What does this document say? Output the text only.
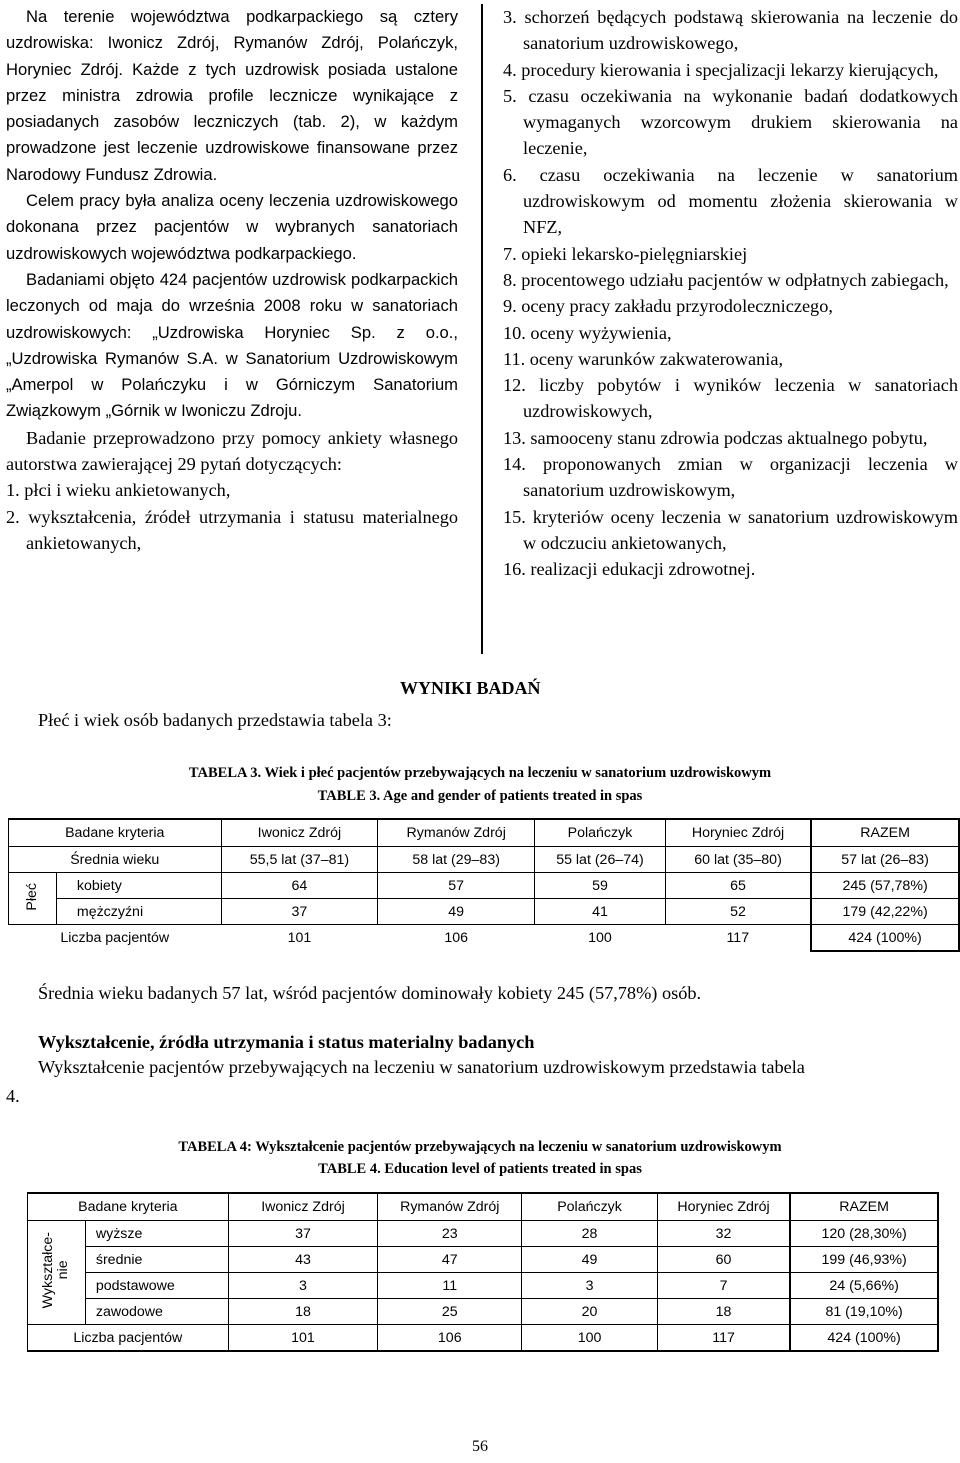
Na terenie województwa podkarpackiego są cztery uzdrowiska: Iwonicz Zdrój, Rymanów Zdrój, Polańczyk, Horyniec Zdrój. Każde z tych uzdrowisk posiada ustalone przez ministra zdrowia profile lecznicze wynikające z posiadanych zasobów leczniczych (tab. 2), w każdym prowadzone jest leczenie uzdrowiskowe finansowane przez Narodowy Fundusz Zdrowia.

Celem pracy była analiza oceny leczenia uzdrowiskowego dokonana przez pacjentów w wybranych sanatoriach uzdrowiskowych województwa podkarpackiego.

Badaniami objęto 424 pacjentów uzdrowisk podkarpackich leczonych od maja do września 2008 roku w sanatoriach uzdrowiskowych: „Uzdrowiska Horyniec Sp. z o.o., „Uzdrowiska Rymanów S.A. w Sanatorium Uzdrowiskowym „Amerpol w Polańczyku i w Górniczym Sanatorium Związkowym „Górnik w Iwoniczu Zdroju.

Badanie przeprowadzono przy pomocy ankiety własnego autorstwa zawierającej 29 pytań dotyczących:

1. płci i wieku ankietowanych,

2. wykształcenia, źródeł utrzymania i statusu materialnego ankietowanych,

3. schorzeń będących podstawą skierowania na leczenie do sanatorium uzdrowiskowego,

4. procedury kierowania i specjalizacji lekarzy kierujących,

5. czasu oczekiwania na wykonanie badań dodatkowych wymaganych wzorcowym drukiem skierowania na leczenie,

6. czasu oczekiwania na leczenie w sanatorium uzdrowiskowym od momentu złożenia skierowania w NFZ,

7. opieki lekarsko-pielęgniarskiej

8. procentowego udziału pacjentów w odpłatnych zabiegach,

9. oceny pracy zakładu przyrodoleczniczego,

10. oceny wyżywienia,

11. oceny warunków zakwaterowania,

12. liczby pobytów i wyników leczenia w sanatoriach uzdrowiskowych,

13. samooceny stanu zdrowia podczas aktualnego pobytu,

14. proponowanych zmian w organizacji leczenia w sanatorium uzdrowiskowym,

15. kryteriów oceny leczenia w sanatorium uzdrowiskowym w odczuciu ankietowanych,

16. realizacji edukacji zdrowotnej.

WYNIKI BADAŃ
Płeć i wiek osób badanych przedstawia tabela 3:
TABELA 3. Wiek i płeć pacjentów przebywających na leczeniu w sanatorium uzdrowiskowym
TABLE 3. Age and gender of patients treated in spas
Badane kryteria		Iwonicz Zdrój	Rymanów Zdrój	Polańczyk	Horyniec Zdrój	RAZEM
Średnia wieku		55,5 lat (37–81)	58 lat (29–83)	55 lat (26–74)	60 lat (35–80)	57 lat (26–83)
Płeć	kobiety	64	57	59	65	245 (57,78%)
	mężczyźni	37	49	41	52	179 (42,22%)
Liczba pacjentów		101	106	100	117	424 (100%)
Średnia wieku badanych 57 lat, wśród pacjentów dominowały kobiety 245 (57,78%) osób.
Wykształcenie, źródła utrzymania i status materialny badanych
Wykształcenie pacjentów przebywających na leczeniu w sanatorium uzdrowiskowym przedstawia tabela
4.
TABELA 4: Wykształcenie pacjentów przebywających na leczeniu w sanatorium uzdrowiskowym
TABLE 4. Education level of patients treated in spas
Badane kryteria		Iwonicz Zdrój	Rymanów Zdrój	Polańczyk	Horyniec Zdrój	RAZEM
Wykształce-
nie	wyższe	37	23	28	32	120 (28,30%)
	średnie	43	47	49	60	199 (46,93%)
	podstawowe	3	11	3	7	24 (5,66%)
	zawodowe	18	25	20	18	81 (19,10%)
Liczba pacjentów		101	106	100	117	424 (100%)
56
